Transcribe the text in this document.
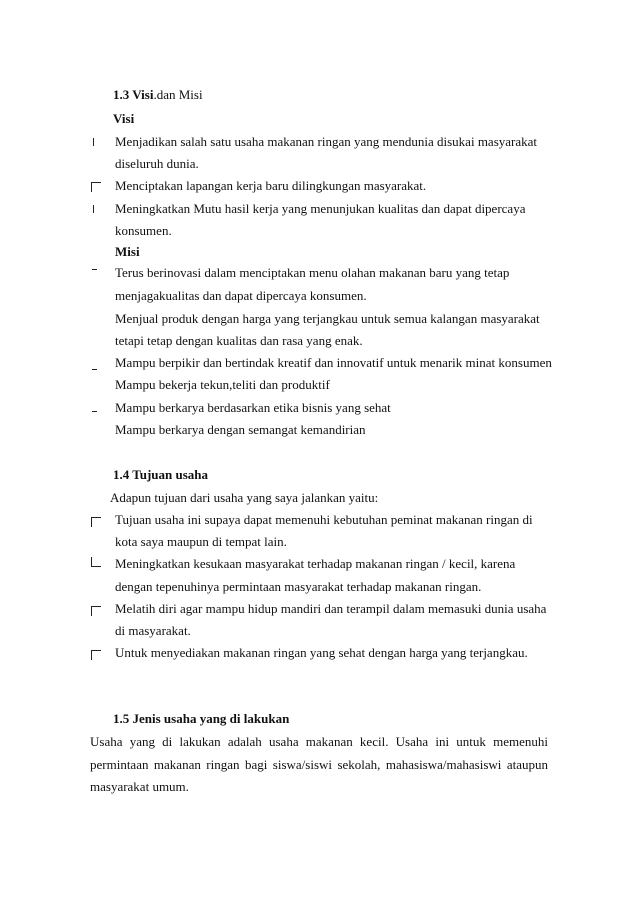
1.3 Visi.dan Misi
Visi
Menjadikan salah satu usaha makanan ringan yang mendunia disukai masyarakat
diseluruh dunia.
Menciptakan lapangan kerja baru dilingkungan masyarakat.
Meningkatkan Mutu hasil kerja yang menunjukan kualitas dan dapat dipercaya
konsumen.
Misi
Terus berinovasi dalam menciptakan menu olahan makanan baru yang tetap
menjagakualitas dan dapat dipercaya konsumen.
Menjual produk dengan harga yang terjangkau untuk semua kalangan masyarakat
tetapi tetap dengan kualitas dan rasa yang enak.
Mampu berpikir dan bertindak kreatif dan innovatif untuk menarik minat konsumen
Mampu bekerja tekun,teliti dan produktif
Mampu berkarya berdasarkan etika bisnis yang sehat
Mampu berkarya dengan semangat kemandirian
1.4 Tujuan usaha
Adapun tujuan dari usaha yang saya jalankan yaitu:
Tujuan usaha ini supaya dapat memenuhi kebutuhan peminat makanan ringan di
kota saya maupun di tempat lain.
Meningkatkan kesukaan masyarakat terhadap makanan ringan / kecil, karena
dengan tepenuhinya permintaan masyarakat terhadap makanan ringan.
Melatih diri agar mampu hidup mandiri dan terampil dalam memasuki dunia usaha
di masyarakat.
Untuk menyediakan makanan ringan yang sehat dengan harga yang terjangkau.
1.5 Jenis usaha yang di lakukan
Usaha yang di lakukan adalah usaha makanan kecil. Usaha ini untuk memenuhi
permintaan makanan ringan bagi siswa/siswi sekolah, mahasiswa/mahasiswi ataupun
masyarakat umum.
